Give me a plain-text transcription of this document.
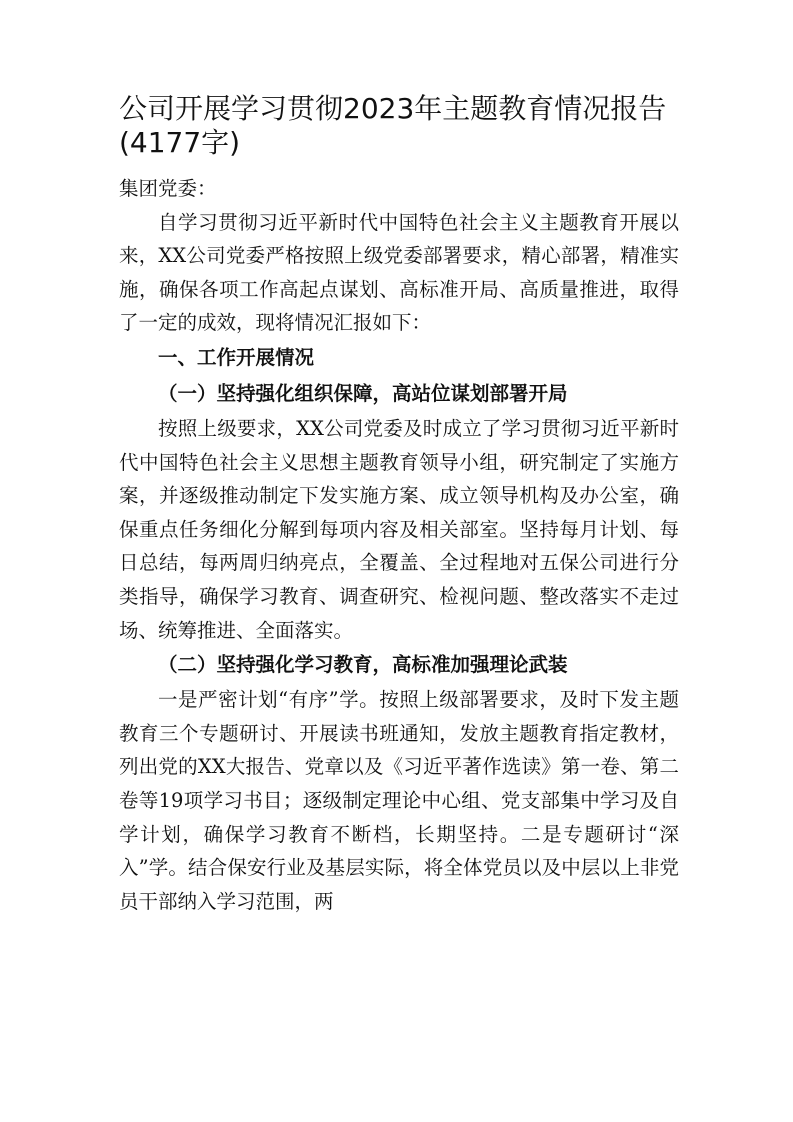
公司开展学习贯彻2023年主题教育情况报告(4177字)

集团党委：

自学习贯彻习近平新时代中国特色社会主义主题教育开展以来，XX公司党委严格按照上级党委部署要求，精心部署，精准实施，确保各项工作高起点谋划、高标准开局、高质量推进，取得了一定的成效，现将情况汇报如下：

一、工作开展情况

（一）坚持强化组织保障，高站位谋划部署开局

按照上级要求，XX公司党委及时成立了学习贯彻习近平新时代中国特色社会主义思想主题教育领导小组，研究制定了实施方案，并逐级推动制定下发实施方案、成立领导机构及办公室，确保重点任务细化分解到每项内容及相关部室。坚持每月计划、每日总结，每两周归纳亮点，全覆盖、全过程地对五保公司进行分类指导，确保学习教育、调查研究、检视问题、整改落实不走过场、统筹推进、全面落实。

（二）坚持强化学习教育，高标准加强理论武装

一是严密计划“有序”学。按照上级部署要求，及时下发主题教育三个专题研讨、开展读书班通知，发放主题教育指定教材，列出党的XX大报告、党章以及《习近平著作选读》第一卷、第二卷等19项学习书目；逐级制定理论中心组、党支部集中学习及自学计划，确保学习教育不断档，长期坚持。二是专题研讨“深入”学。结合保安行业及基层实际，将全体党员以及中层以上非党员干部纳入学习范围，两
